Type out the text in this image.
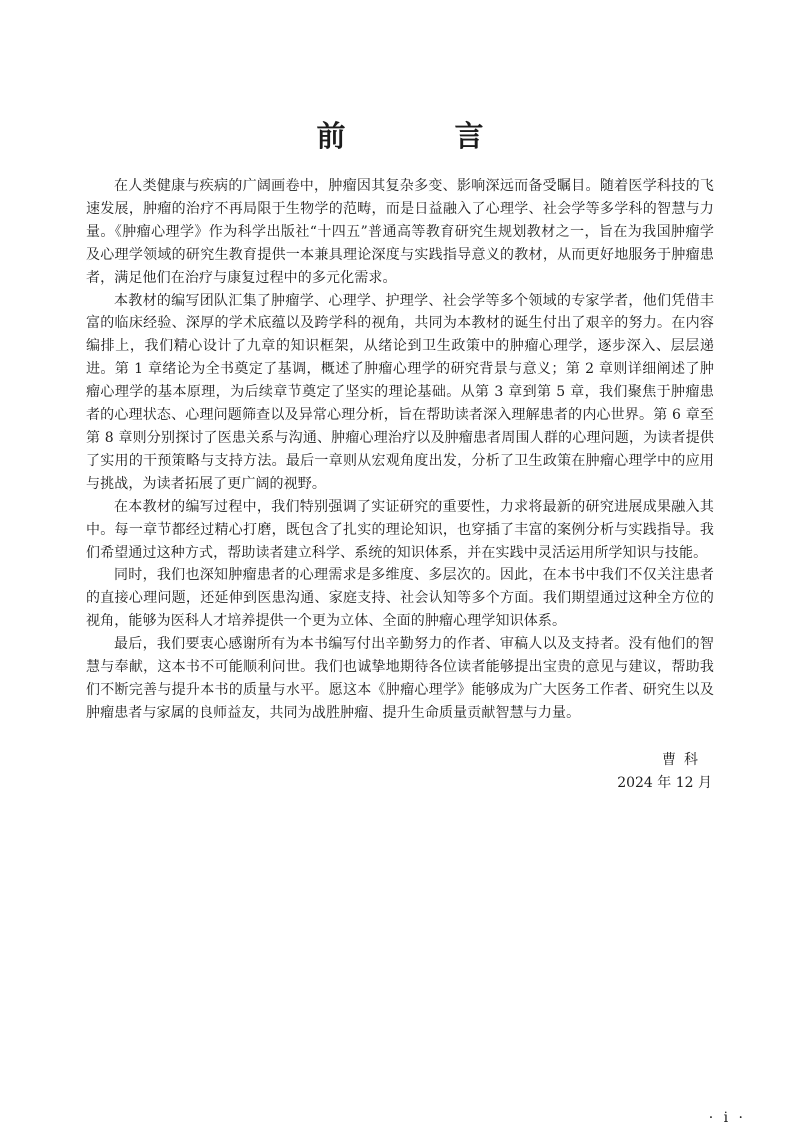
前　言

在人类健康与疾病的广阔画卷中，肿瘤因其复杂多变、影响深远而备受瞩目。随着医学科技的飞速发展，肿瘤的治疗不再局限于生物学的范畴，而是日益融入了心理学、社会学等多学科的智慧与力量。《肿瘤心理学》作为科学出版社“十四五”普通高等教育研究生规划教材之一，旨在为我国肿瘤学及心理学领域的研究生教育提供一本兼具理论深度与实践指导意义的教材，从而更好地服务于肿瘤患者，满足他们在治疗与康复过程中的多元化需求。

本教材的编写团队汇集了肿瘤学、心理学、护理学、社会学等多个领域的专家学者，他们凭借丰富的临床经验、深厚的学术底蕴以及跨学科的视角，共同为本教材的诞生付出了艰辛的努力。在内容编排上，我们精心设计了九章的知识框架，从绪论到卫生政策中的肿瘤心理学，逐步深入、层层递进。第 1 章绪论为全书奠定了基调，概述了肿瘤心理学的研究背景与意义；第 2 章则详细阐述了肿瘤心理学的基本原理，为后续章节奠定了坚实的理论基础。从第 3 章到第 5 章，我们聚焦于肿瘤患者的心理状态、心理问题筛查以及异常心理分析，旨在帮助读者深入理解患者的内心世界。第 6 章至第 8 章则分别探讨了医患关系与沟通、肿瘤心理治疗以及肿瘤患者周围人群的心理问题，为读者提供了实用的干预策略与支持方法。最后一章则从宏观角度出发，分析了卫生政策在肿瘤心理学中的应用与挑战，为读者拓展了更广阔的视野。

在本教材的编写过程中，我们特别强调了实证研究的重要性，力求将最新的研究进展成果融入其中。每一章节都经过精心打磨，既包含了扎实的理论知识，也穿插了丰富的案例分析与实践指导。我们希望通过这种方式，帮助读者建立科学、系统的知识体系，并在实践中灵活运用所学知识与技能。

同时，我们也深知肿瘤患者的心理需求是多维度、多层次的。因此，在本书中我们不仅关注患者的直接心理问题，还延伸到医患沟通、家庭支持、社会认知等多个方面。我们期望通过这种全方位的视角，能够为医科人才培养提供一个更为立体、全面的肿瘤心理学知识体系。

最后，我们要衷心感谢所有为本书编写付出辛勤努力的作者、审稿人以及支持者。没有他们的智慧与奉献，这本书不可能顺利问世。我们也诚挚地期待各位读者能够提出宝贵的意见与建议，帮助我们不断完善与提升本书的质量与水平。愿这本《肿瘤心理学》能够成为广大医务工作者、研究生以及肿瘤患者与家属的良师益友，共同为战胜肿瘤、提升生命质量贡献智慧与力量。

曹科
2024 年 12 月
· i ·
